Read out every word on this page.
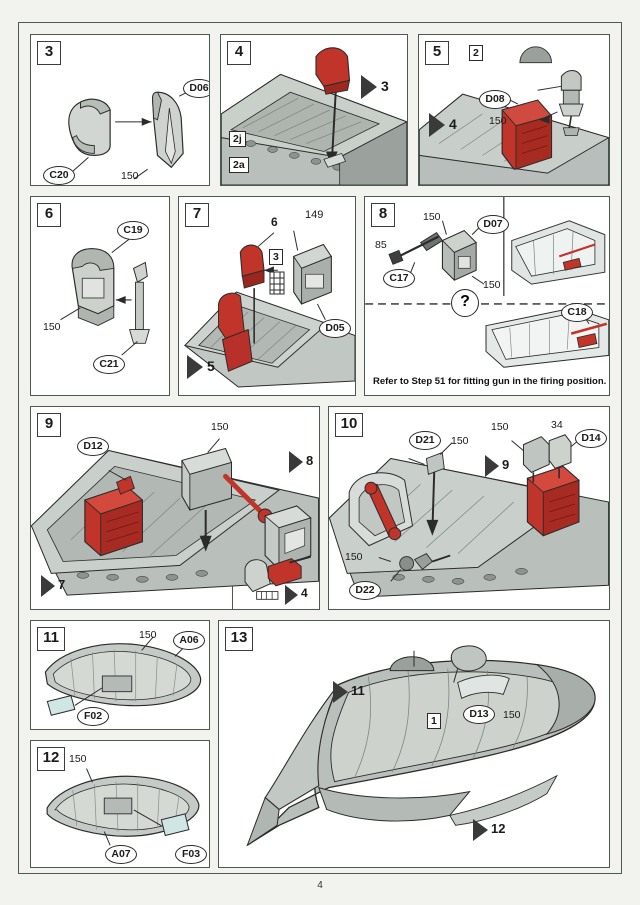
3
D06
C20	150
4
3
2j
2a
5	2
D08
150
4
6
C19
C21
150
7	6 149
3
D05
5
8	150
D07
85
C17
150
C18
?
Refer to Step 51 for fitting gun in the firing position.
9
D12
150
8
7
4
10
D21	150
150	34
D14
9
150
D22
11	150	A06
F02
12 150
A07	F03
13
11
1
D13	150
12
4
